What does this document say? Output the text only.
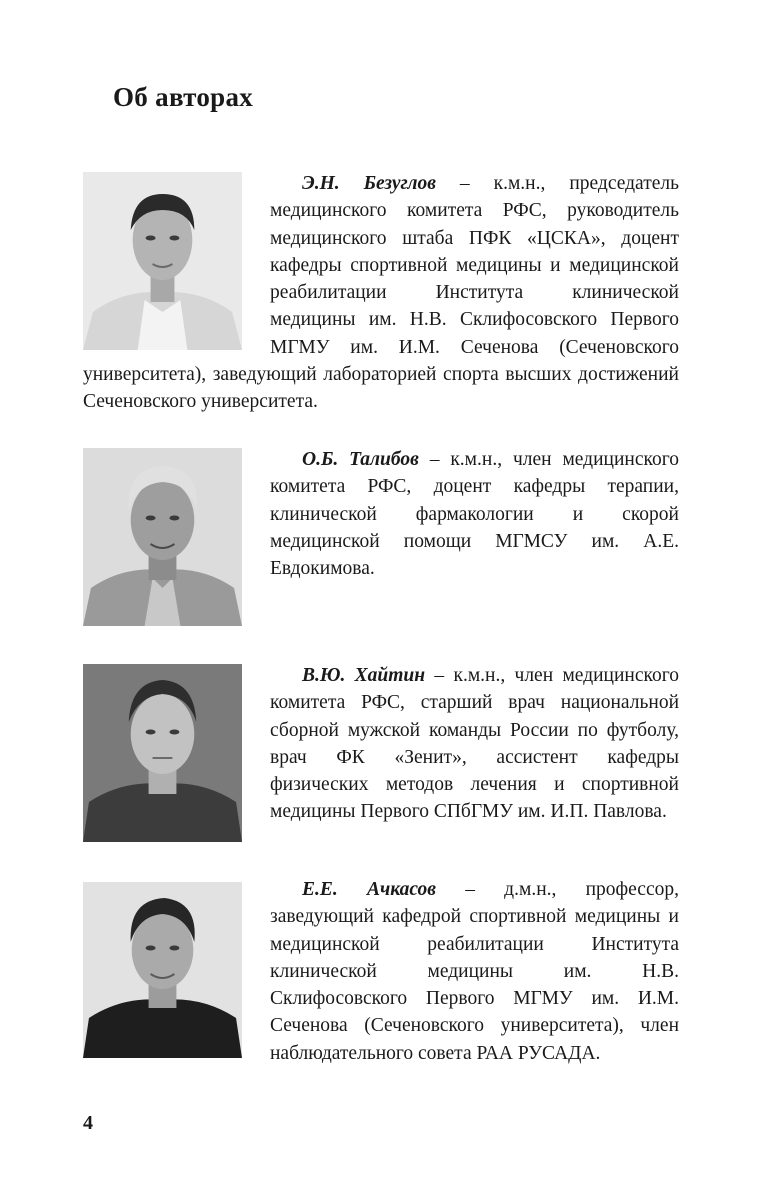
Об авторах

Э.Н. Безуглов – к.м.н., председатель медицинского комитета РФС, руководитель медицинского штаба ПФК «ЦСКА», доцент кафедры спортивной медицины и медицинской реабилитации Института клинической медицины им. Н.В. Склифосовского Первого МГМУ им. И.М. Сеченова (Сеченовского университета), заведующий лабораторией спорта высших достижений Сеченовского университета.

О.Б. Талибов – к.м.н., член медицинского комитета РФС, доцент кафедры терапии, клинической фармакологии и скорой медицинской помощи МГМСУ им. А.Е. Евдокимова.

В.Ю. Хайтин – к.м.н., член медицинского комитета РФС, старший врач национальной сборной мужской команды России по футболу, врач ФК «Зенит», ассистент кафедры физических методов лечения и спортивной медицины Первого СПбГМУ им. И.П. Павлова.

Е.Е. Ачкасов – д.м.н., профессор, заведующий кафедрой спортивной медицины и медицинской реабилитации Института клинической медицины им. Н.В. Склифосовского Первого МГМУ им. И.М. Сеченова (Сеченовского университета), член наблюдательного совета РАА РУСАДА.

4
